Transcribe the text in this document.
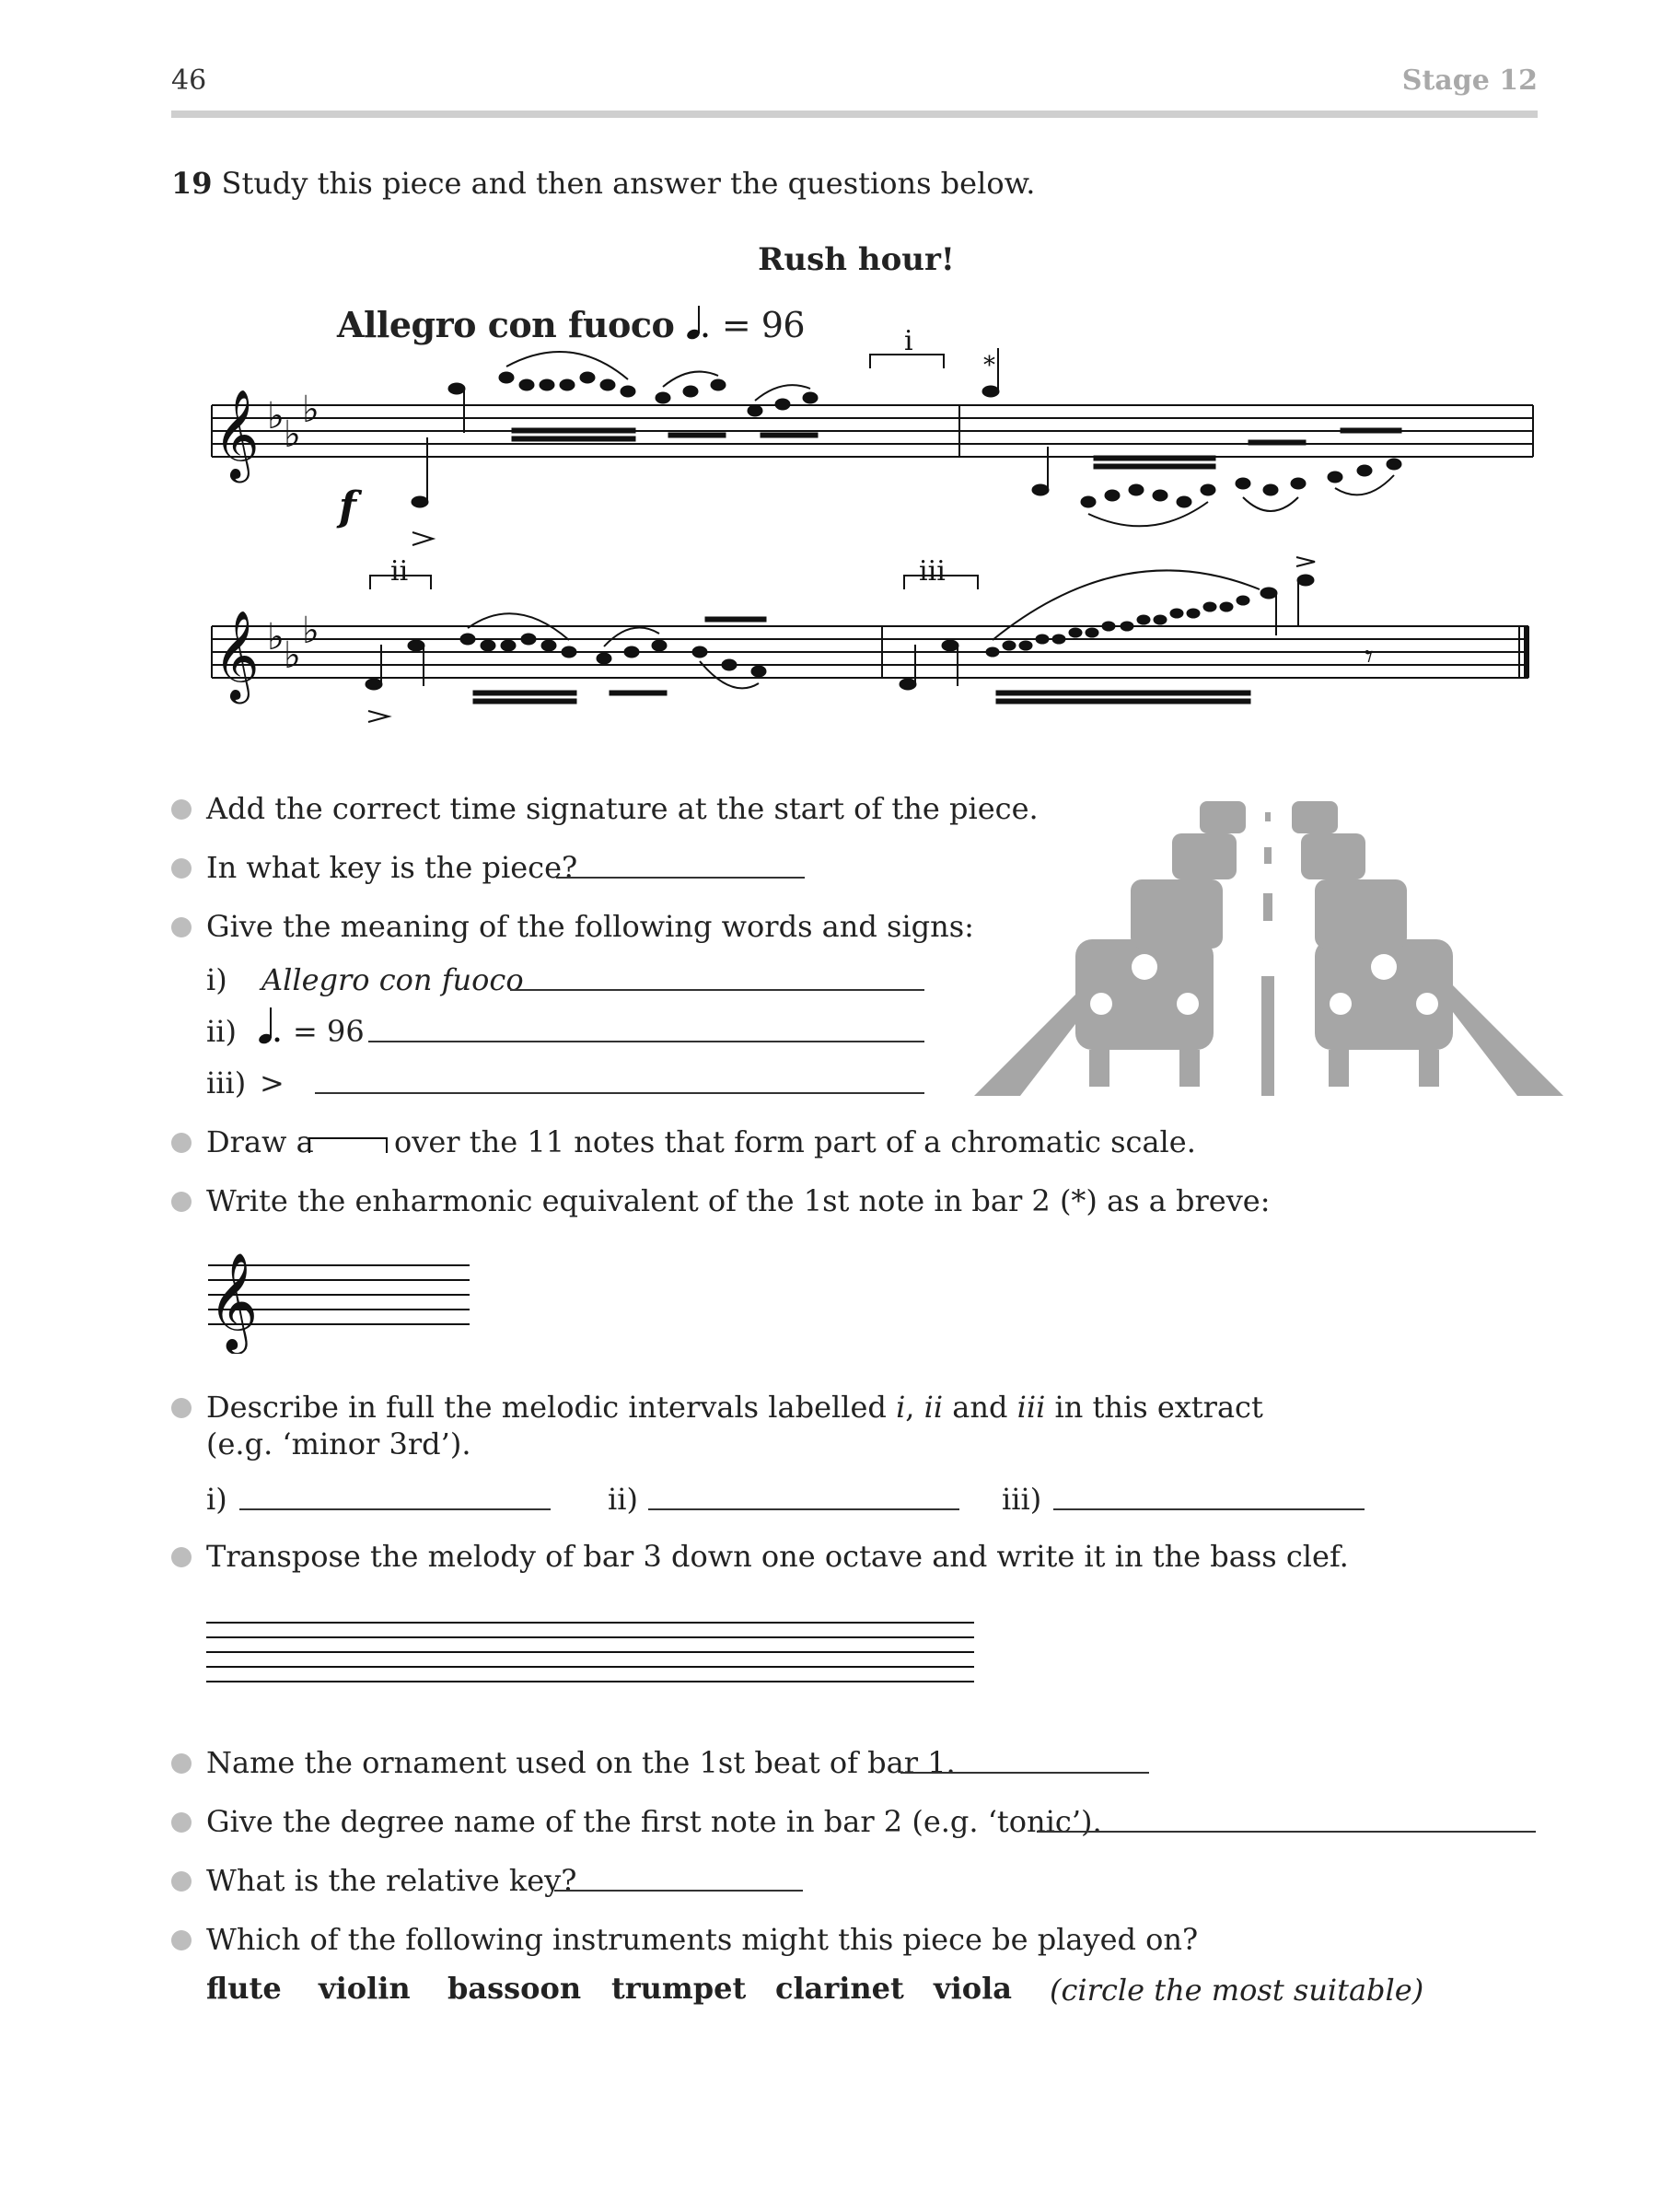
46	Stage 12
19 Study this piece and then answer the questions below.
Rush hour!
Allegro con fuoco = 96
𝄞 ♭ ♭
♭
i
*
f
𝄞 ♭ ♭
♭
𝄾
ii	iii
Add the correct time signature at the start of the piece.
In what key is the piece?
Give the meaning of the following words and signs:
i) Allegro con fuoco
ii) = 96
iii) >
Draw a	over the 11 notes that form part of a chromatic scale.
Write the enharmonic equivalent of the 1st note in bar 2 (*) as a breve:
𝄞
Describe in full the melodic intervals labelled i, ii and iii in this extract
(e.g. ‘minor 3rd’).
i)	ii)	iii)
Transpose the melody of bar 3 down one octave and write it in the bass clef.
Name the ornament used on the 1st beat of bar 1.
Give the degree name of the first note in bar 2 (e.g. ‘tonic’).
What is the relative key?
Which of the following instruments might this piece be played on?
flute violin bassoon trumpet clarinet viola (circle the most suitable)
